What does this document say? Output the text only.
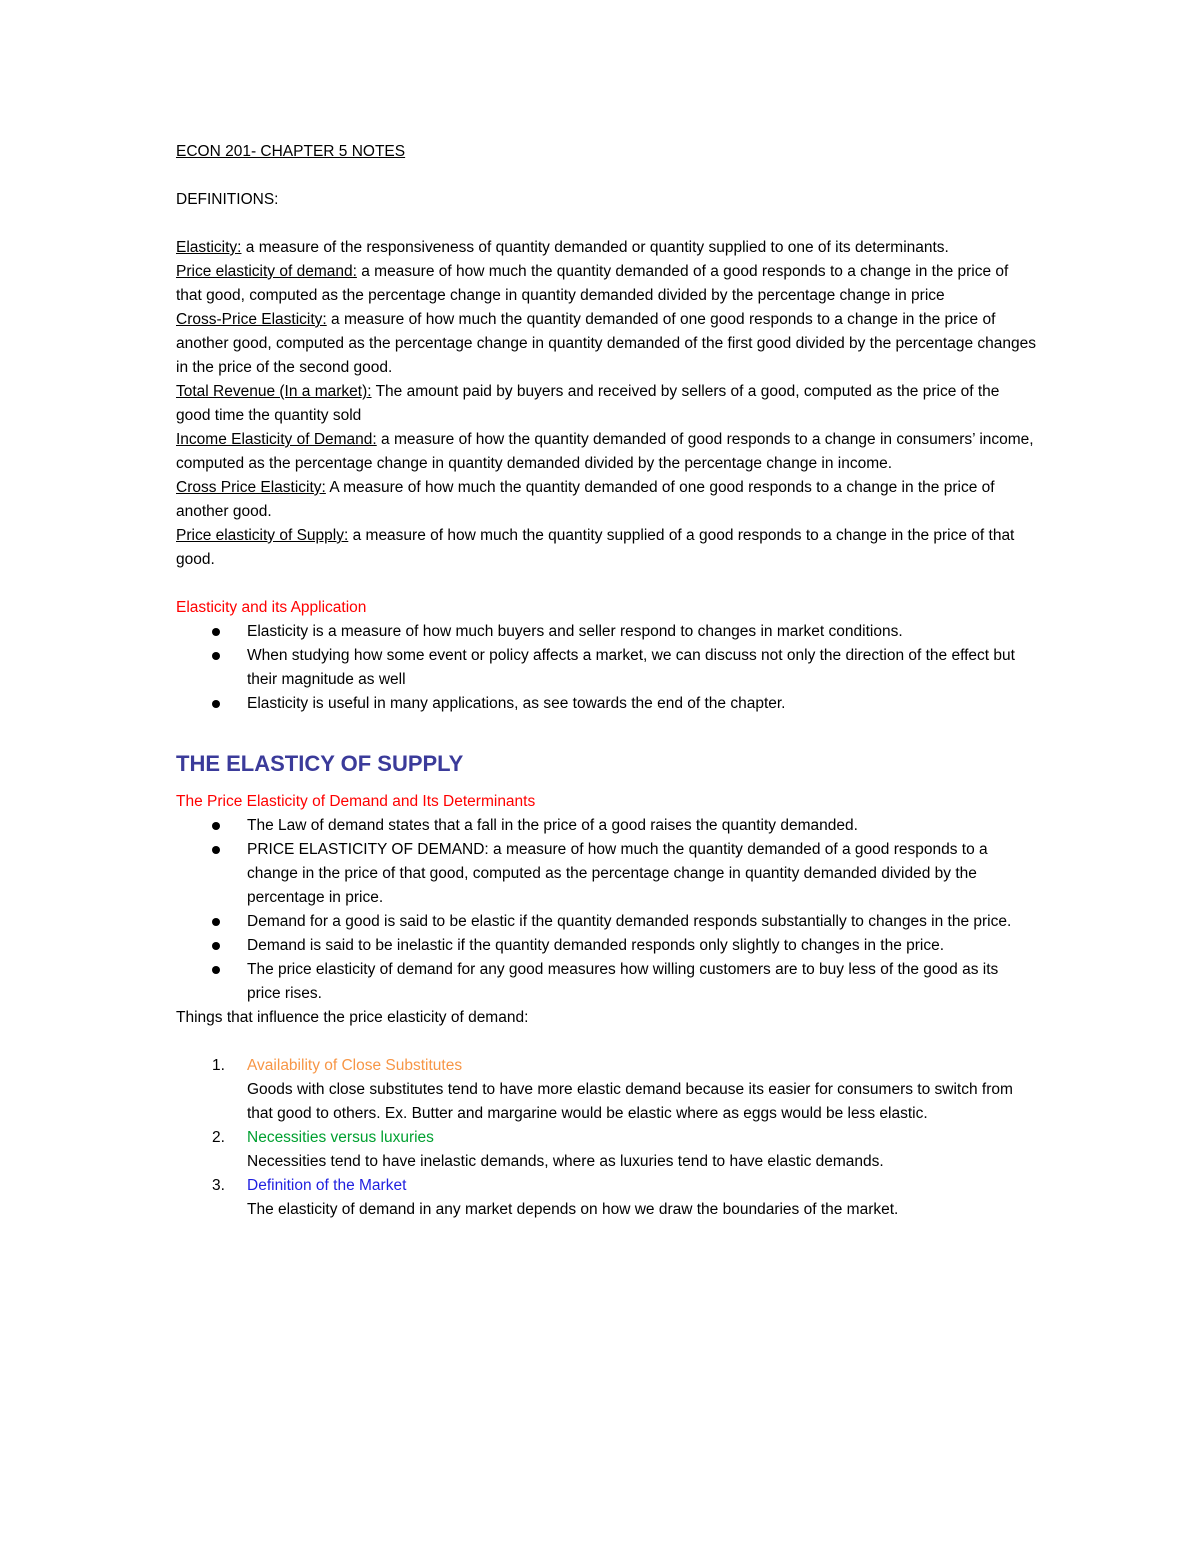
ECON 201- CHAPTER 5 NOTES

DEFINITIONS:

Elasticity: a measure of the responsiveness of quantity demanded or quantity supplied to one of its determinants.

Price elasticity of demand: a measure of how much the quantity demanded of a good responds to a change in the price of that good, computed as the percentage change in quantity demanded divided by the percentage change in price

Cross-Price Elasticity: a measure of how much the quantity demanded of one good responds to a change in the price of another good, computed as the percentage change in quantity demanded of the first good divided by the percentage changes in the price of the second good.

Total Revenue (In a market): The amount paid by buyers and received by sellers of a good, computed as the price of the good time the quantity sold

Income Elasticity of Demand: a measure of how the quantity demanded of good responds to a change in consumers’ income, computed as the percentage change in quantity demanded divided by the percentage change in income.

Cross Price Elasticity: A measure of how much the quantity demanded of one good responds to a change in the price of another good.

Price elasticity of Supply: a measure of how much the quantity supplied of a good responds to a change in the price of that good.

Elasticity and its Application
Elasticity is a measure of how much buyers and seller respond to changes in market conditions.
When studying how some event or policy affects a market, we can discuss not only the direction of the effect but their magnitude as well
Elasticity is useful in many applications, as see towards the end of the chapter.
THE ELASTICY OF SUPPLY
The Price Elasticity of Demand and Its Determinants
The Law of demand states that a fall in the price of a good raises the quantity demanded.
PRICE ELASTICITY OF DEMAND: a measure of how much the quantity demanded of a good responds to a change in the price of that good, computed as the percentage change in quantity demanded divided by the percentage in price.
Demand for a good is said to be elastic if the quantity demanded responds substantially to changes in the price.
Demand is said to be inelastic if the quantity demanded responds only slightly to changes in the price.
The price elasticity of demand for any good measures how willing customers are to buy less of the good as its price rises.
Things that influence the price elasticity of demand:
1. Availability of Close Substitutes
Goods with close substitutes tend to have more elastic demand because its easier for consumers to switch from that good to others. Ex. Butter and margarine would be elastic where as eggs would be less elastic.
2. Necessities versus luxuries
Necessities tend to have inelastic demands, where as luxuries tend to have elastic demands.
3. Definition of the Market
The elasticity of demand in any market depends on how we draw the boundaries of the market.
